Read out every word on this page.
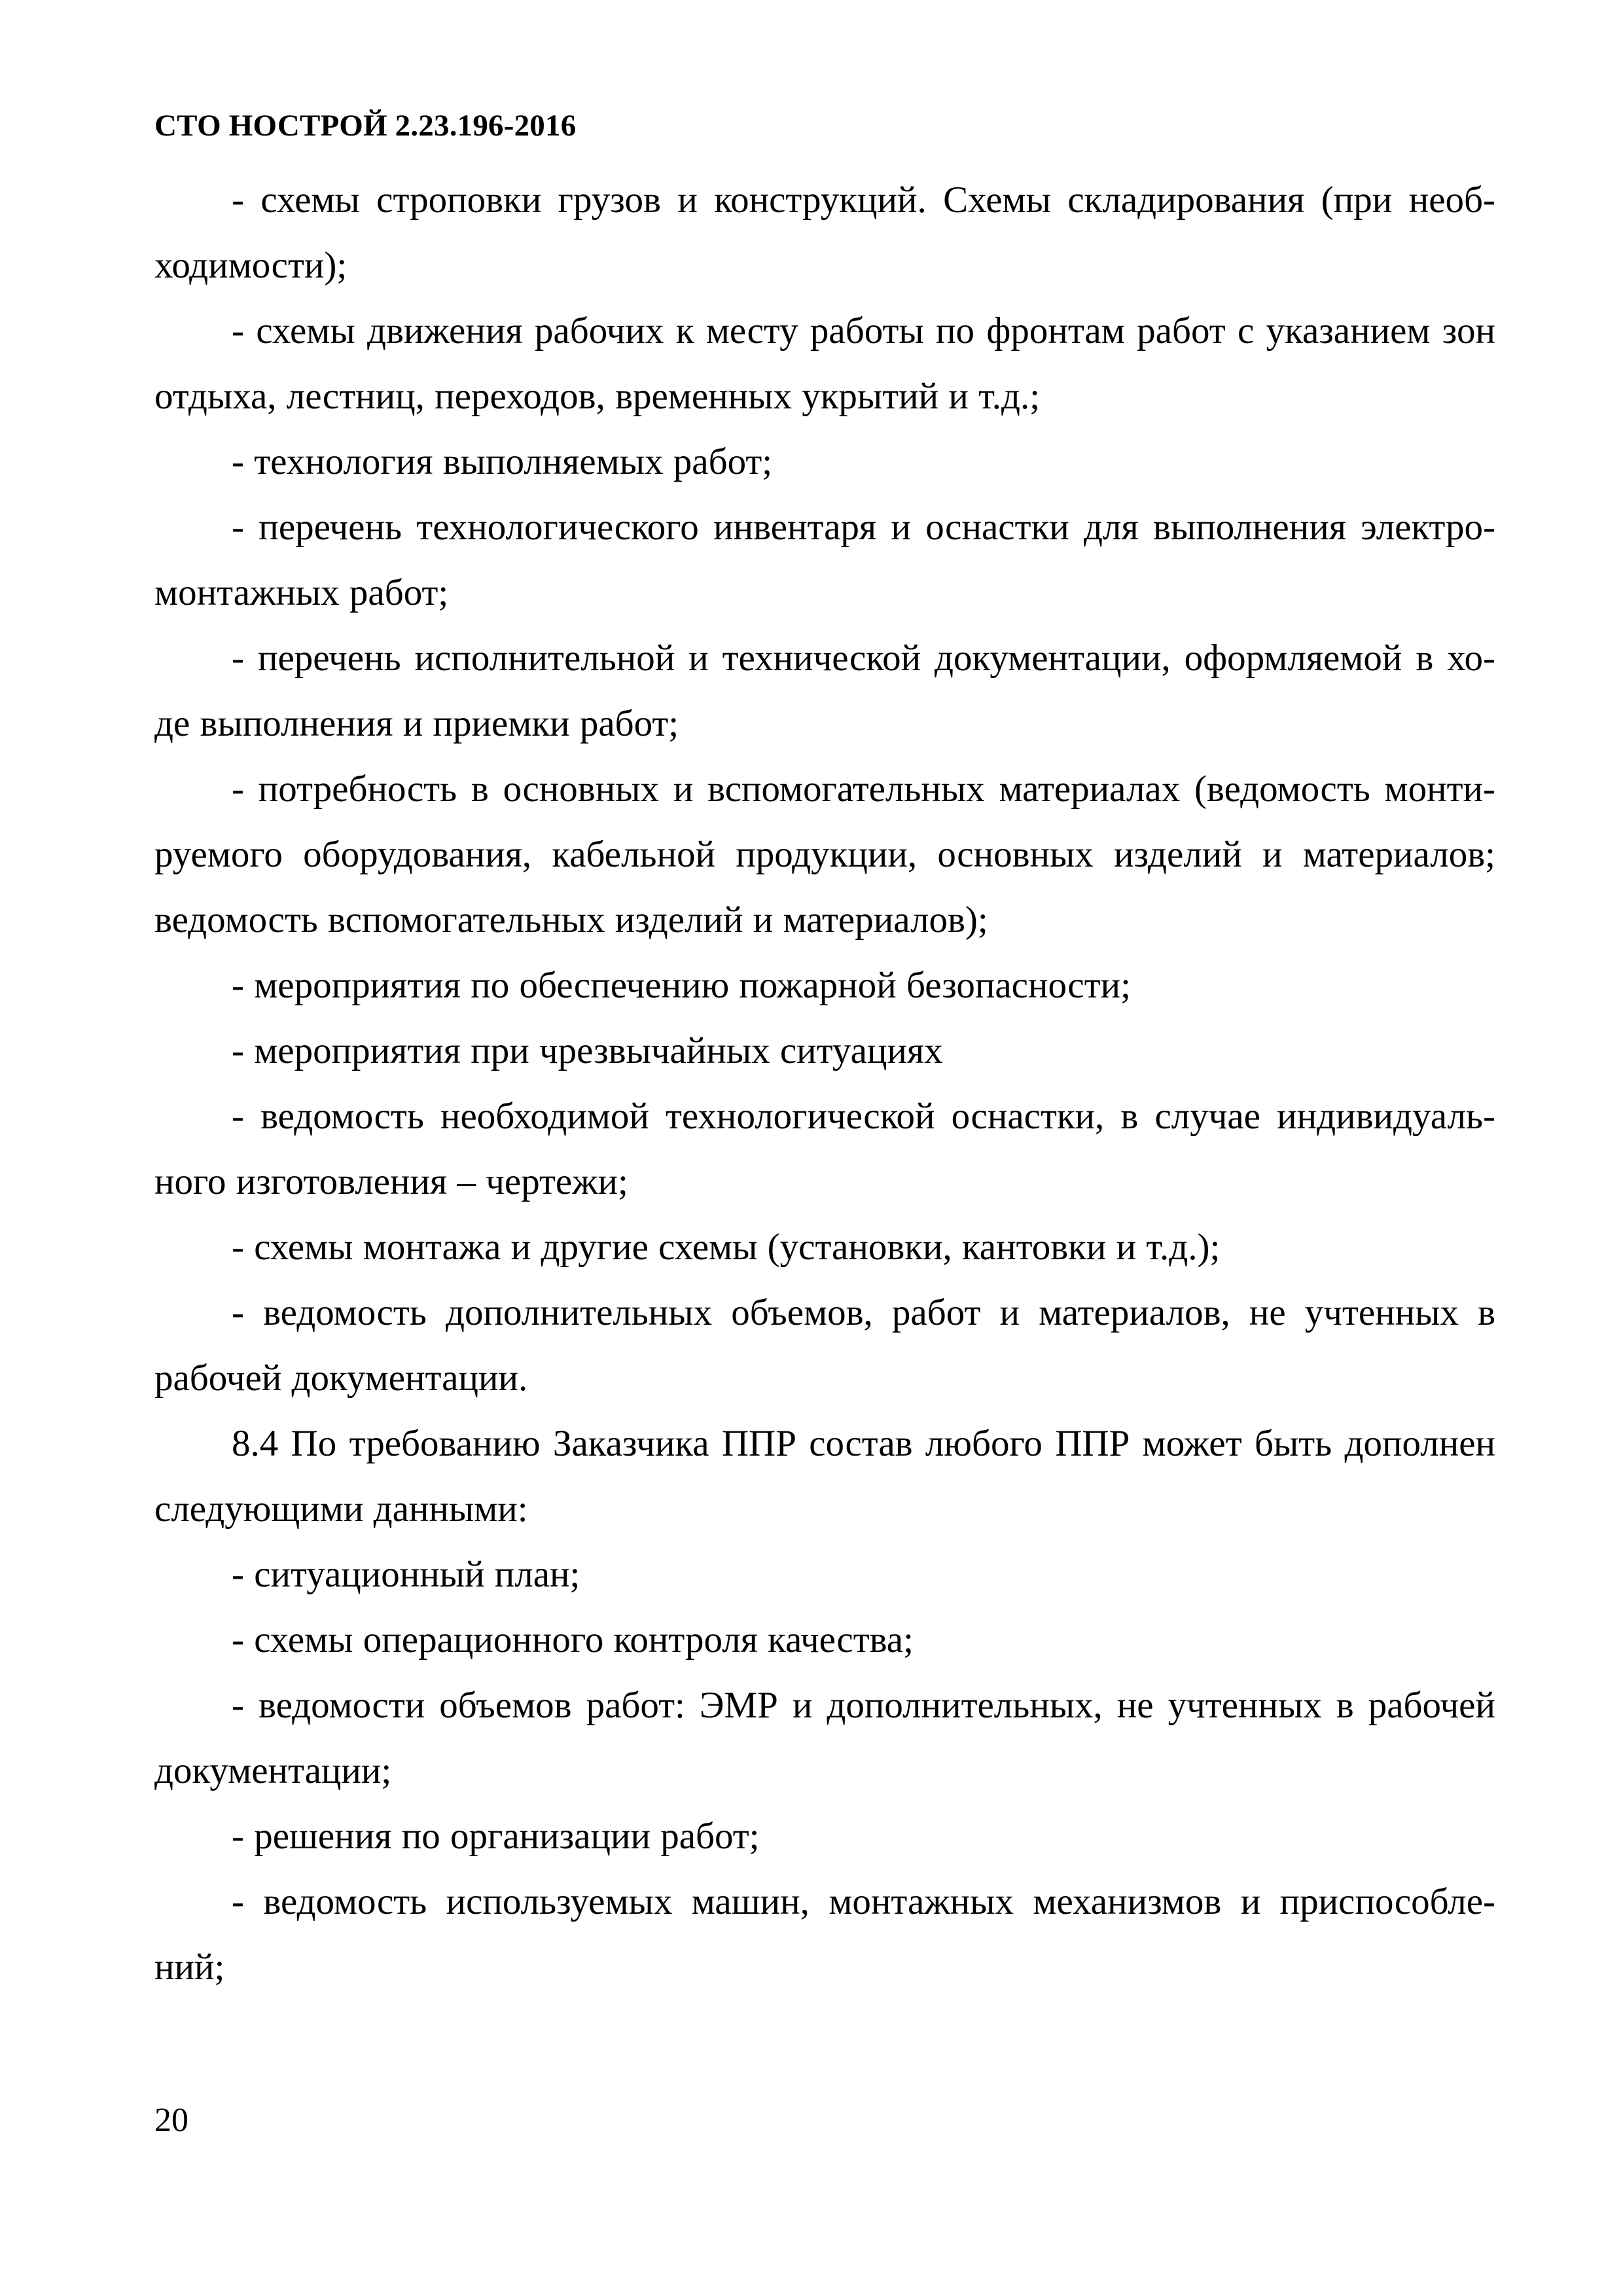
СТО НОСТРОЙ 2.23.196-2016

- схемы строповки грузов и конструкций. Схемы складирования (при необ-ходимости);

- схемы движения рабочих к месту работы по фронтам работ с указанием зон отдыха, лестниц, переходов, временных укрытий и т.д.;

- технология выполняемых работ;

- перечень технологического инвентаря и оснастки для выполнения электро-монтажных работ;

- перечень исполнительной и технической документации, оформляемой в хо-де выполнения и приемки работ;

- потребность в основных и вспомогательных материалах (ведомость монти-руемого оборудования, кабельной продукции, основных изделий и материалов; ведомость вспомогательных изделий и материалов);

- мероприятия по обеспечению пожарной безопасности;

- мероприятия при чрезвычайных ситуациях

- ведомость необходимой технологической оснастки, в случае индивидуаль-ного изготовления – чертежи;

- схемы монтажа и другие схемы (установки, кантовки и т.д.);

- ведомость дополнительных объемов, работ и материалов, не учтенных в рабочей документации.

8.4 По требованию Заказчика ППР состав любого ППР может быть дополнен следующими данными:

- ситуационный план;

- схемы операционного контроля качества;

- ведомости объемов работ: ЭМР и дополнительных, не учтенных в рабочей документации;

- решения по организации работ;

- ведомость используемых машин, монтажных механизмов и приспособле-ний;

20
